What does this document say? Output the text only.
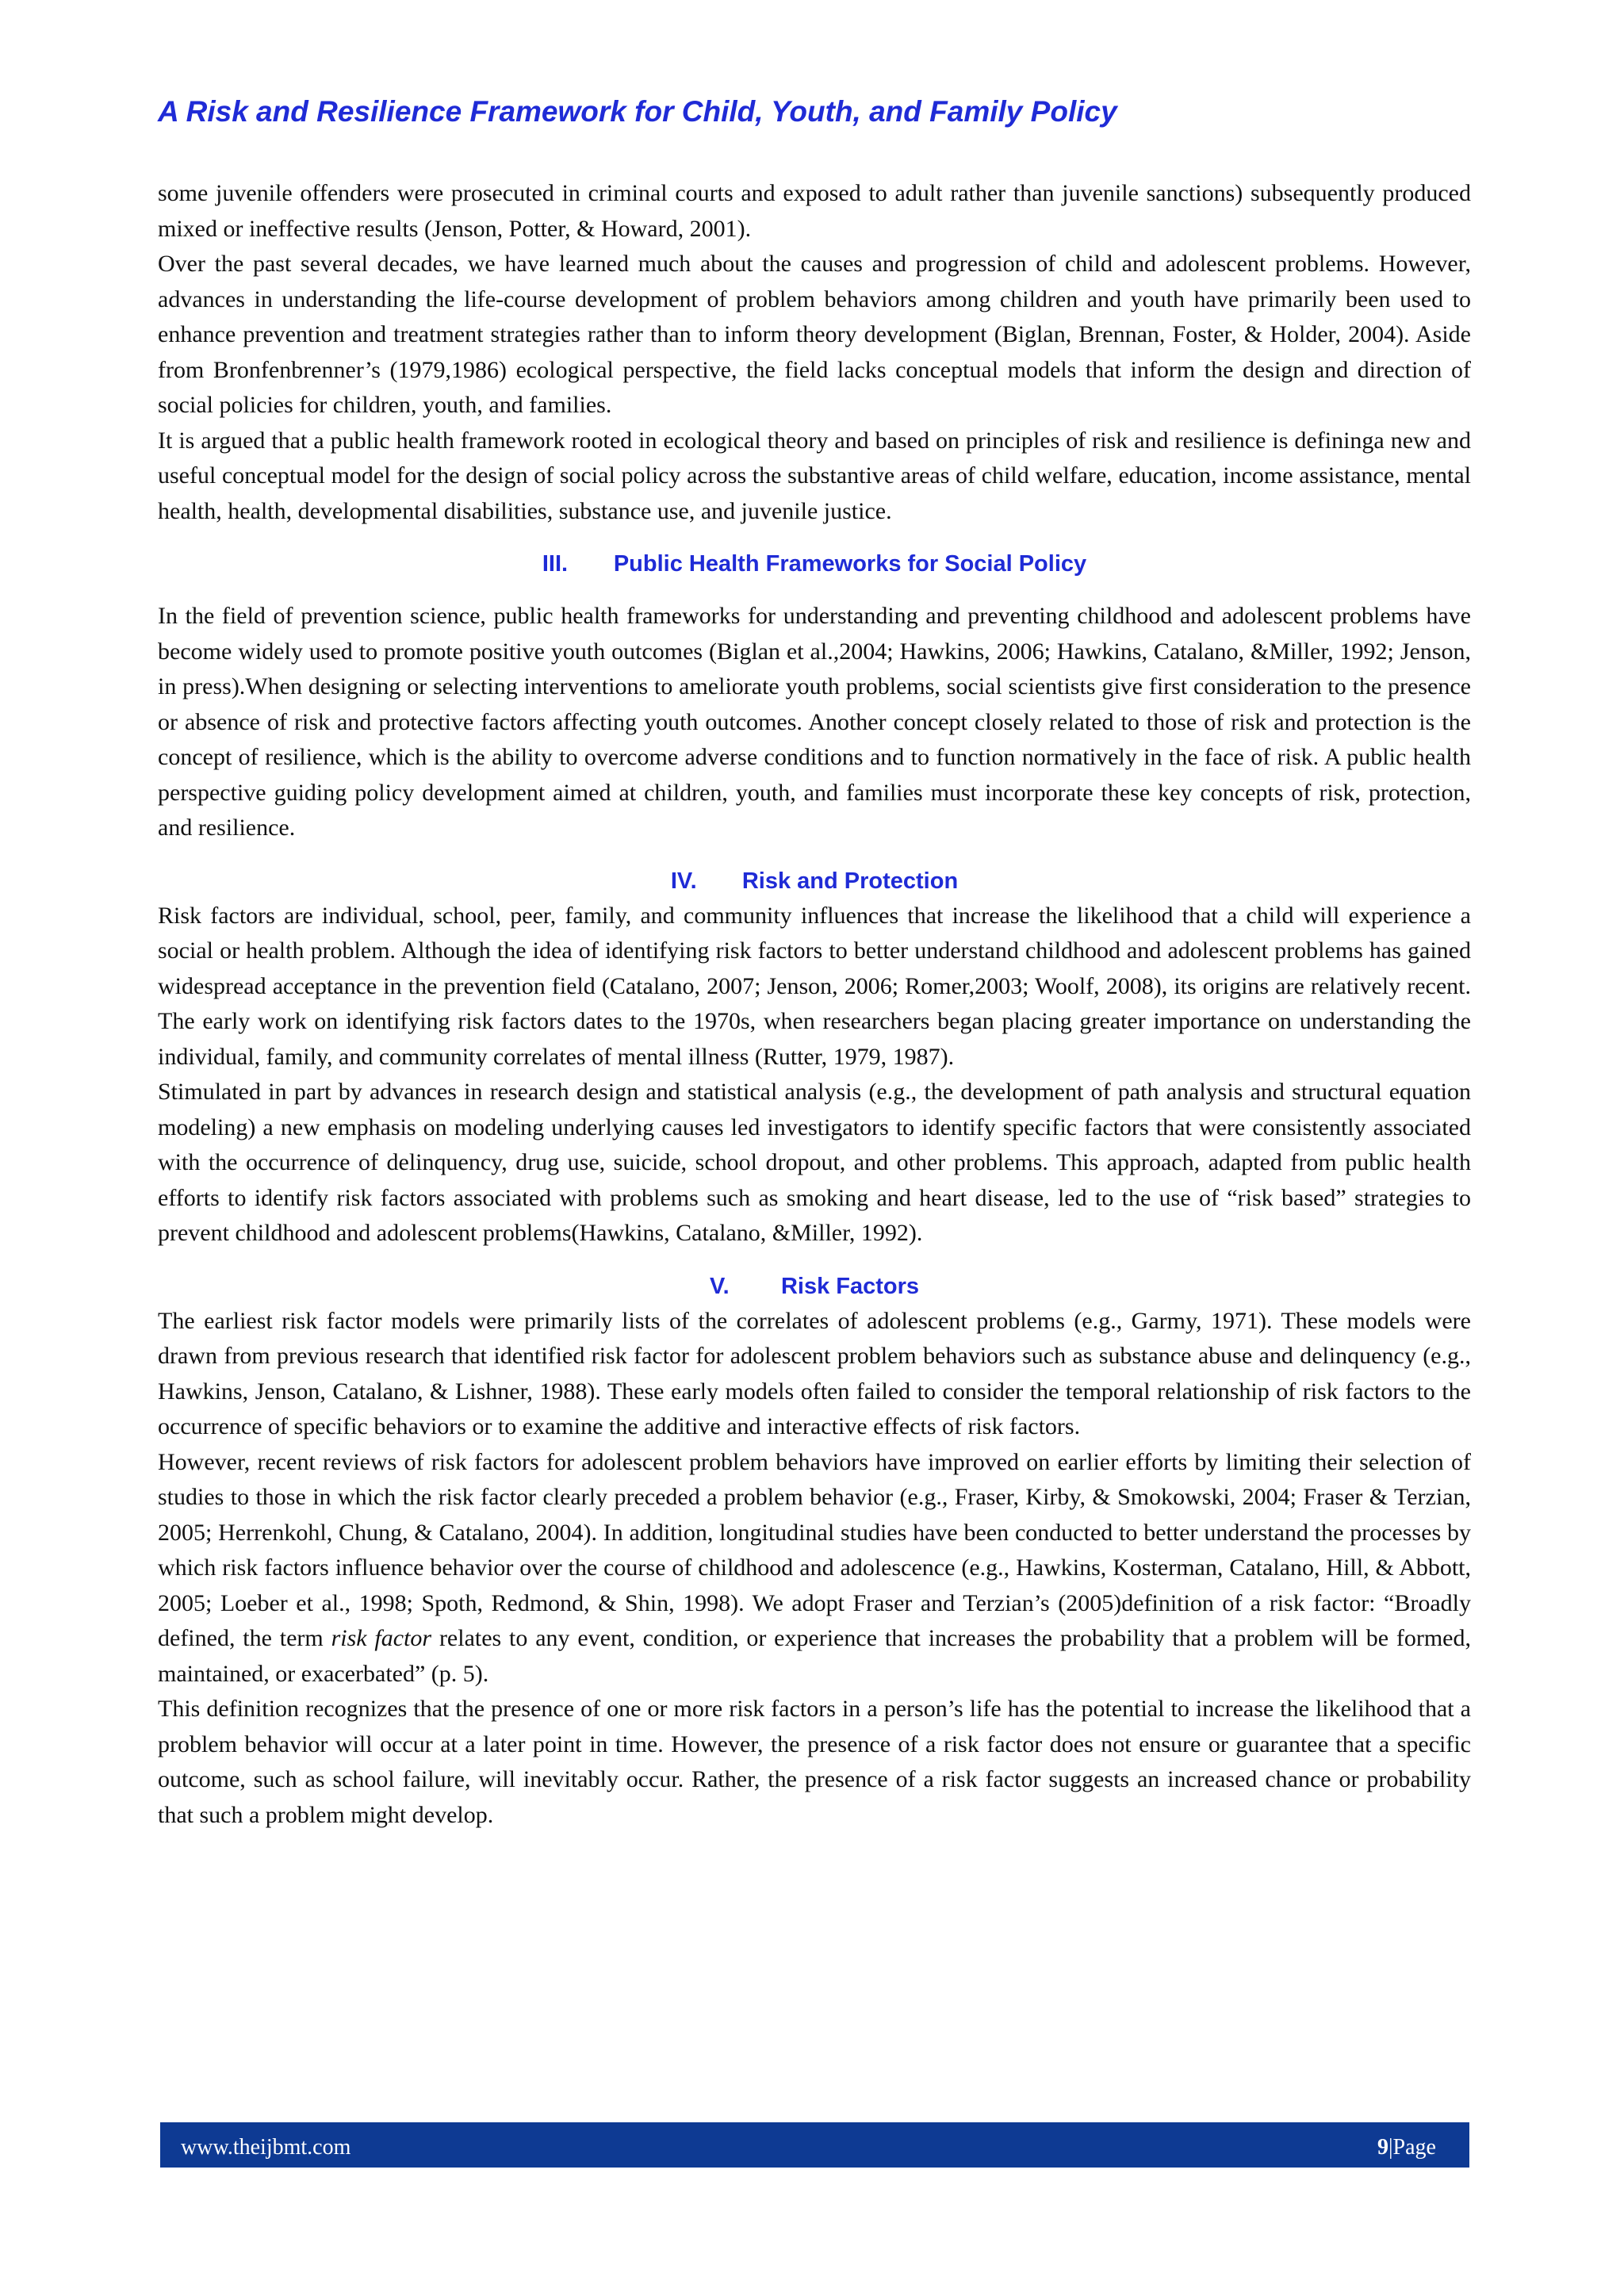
A Risk and Resilience Framework for Child, Youth, and Family Policy

some juvenile offenders were prosecuted in criminal courts and exposed to adult rather than juvenile sanctions) subsequently produced mixed or ineffective results (Jenson, Potter, & Howard, 2001).

Over the past several decades, we have learned much about the causes and progression of child and adolescent problems. However, advances in understanding the life-course development of problem behaviors among children and youth have primarily been used to enhance prevention and treatment strategies rather than to inform theory development (Biglan, Brennan, Foster, & Holder, 2004). Aside from Bronfenbrenner’s (1979,1986) ecological perspective, the field lacks conceptual models that inform the design and direction of social policies for children, youth, and families.

It is argued that a public health framework rooted in ecological theory and based on principles of risk and resilience is defininga new and useful conceptual model for the design of social policy across the substantive areas of child welfare, education, income assistance, mental health, health, developmental disabilities, substance use, and juvenile justice.

III. Public Health Frameworks for Social Policy

In the field of prevention science, public health frameworks for understanding and preventing childhood and adolescent problems have become widely used to promote positive youth outcomes (Biglan et al.,2004; Hawkins, 2006; Hawkins, Catalano, &Miller, 1992; Jenson, in press).When designing or selecting interventions to ameliorate youth problems, social scientists give first consideration to the presence or absence of risk and protective factors affecting youth outcomes. Another concept closely related to those of risk and protection is the concept of resilience, which is the ability to overcome adverse conditions and to function normatively in the face of risk. A public health perspective guiding policy development aimed at children, youth, and families must incorporate these key concepts of risk, protection, and resilience.

IV. Risk and Protection

Risk factors are individual, school, peer, family, and community influences that increase the likelihood that a child will experience a social or health problem. Although the idea of identifying risk factors to better understand childhood and adolescent problems has gained widespread acceptance in the prevention field (Catalano, 2007; Jenson, 2006; Romer,2003; Woolf, 2008), its origins are relatively recent. The early work on identifying risk factors dates to the 1970s, when researchers began placing greater importance on understanding the individual, family, and community correlates of mental illness (Rutter, 1979, 1987).

Stimulated in part by advances in research design and statistical analysis (e.g., the development of path analysis and structural equation modeling) a new emphasis on modeling underlying causes led investigators to identify specific factors that were consistently associated with the occurrence of delinquency, drug use, suicide, school dropout, and other problems. This approach, adapted from public health efforts to identify risk factors associated with problems such as smoking and heart disease, led to the use of “risk based” strategies to prevent childhood and adolescent problems(Hawkins, Catalano, &Miller, 1992).

V. Risk Factors

The earliest risk factor models were primarily lists of the correlates of adolescent problems (e.g., Garmy, 1971). These models were drawn from previous research that identified risk factor for adolescent problem behaviors such as substance abuse and delinquency (e.g., Hawkins, Jenson, Catalano, & Lishner, 1988). These early models often failed to consider the temporal relationship of risk factors to the occurrence of specific behaviors or to examine the additive and interactive effects of risk factors.

However, recent reviews of risk factors for adolescent problem behaviors have improved on earlier efforts by limiting their selection of studies to those in which the risk factor clearly preceded a problem behavior (e.g., Fraser, Kirby, & Smokowski, 2004; Fraser & Terzian, 2005; Herrenkohl, Chung, & Catalano, 2004). In addition, longitudinal studies have been conducted to better understand the processes by which risk factors influence behavior over the course of childhood and adolescence (e.g., Hawkins, Kosterman, Catalano, Hill, & Abbott, 2005; Loeber et al., 1998; Spoth, Redmond, & Shin, 1998). We adopt Fraser and Terzian’s (2005)definition of a risk factor: “Broadly defined, the term risk factor relates to any event, condition, or experience that increases the probability that a problem will be formed, maintained, or exacerbated” (p. 5).

This definition recognizes that the presence of one or more risk factors in a person’s life has the potential to increase the likelihood that a problem behavior will occur at a later point in time. However, the presence of a risk factor does not ensure or guarantee that a specific outcome, such as school failure, will inevitably occur. Rather, the presence of a risk factor suggests an increased chance or probability that such a problem might develop.

www.theijbmt.com	9|Page
